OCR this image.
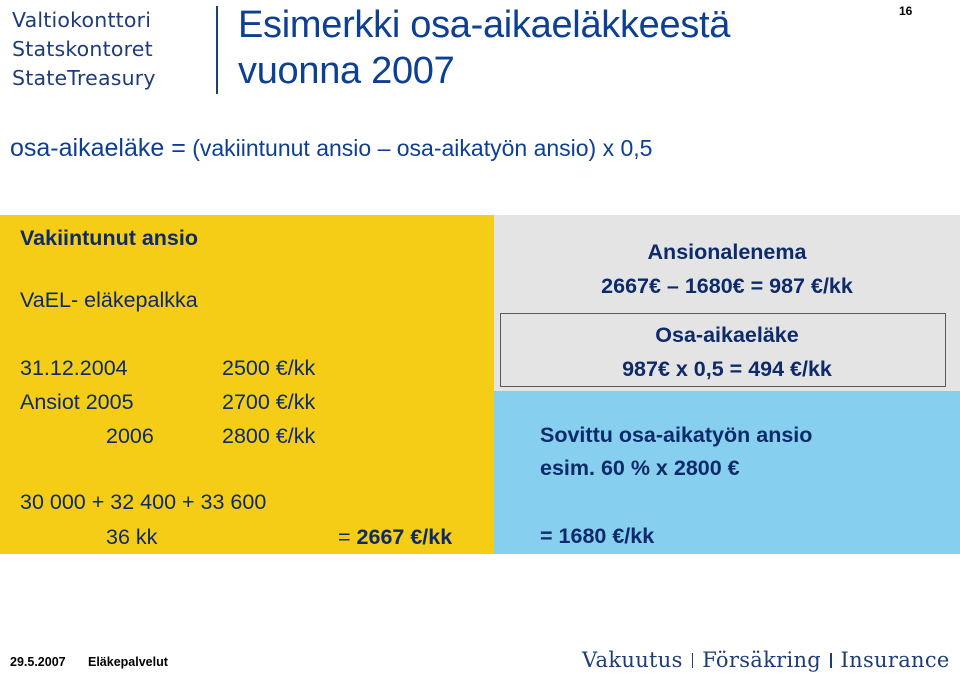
Valtiokonttori
Statskontoret
StateTreasury
Esimerkki osa-aikaeläkkeestä
vuonna 2007
16
osa-aikaeläke = (vakiintunut ansio – osa-aikatyön ansio) x 0,5
Vakiintunut ansio
VaEL- eläkepalkka
31.12.2004	2500 €/kk
Ansiot 2005	2700 €/kk
2006	2800 €/kk
30 000 + 32 400 + 33 600
36 kk	= 2667 €/kk
Ansionalenema
2667€ – 1680€ = 987 €/kk
Osa-aikaeläke
987€ x 0,5 = 494 €/kk
Sovittu osa-aikatyön ansio
esim. 60 % x 2800 €
= 1680 €/kk
29.5.2007 Eläkepalvelut	Vakuutus Försäkring Insurance
